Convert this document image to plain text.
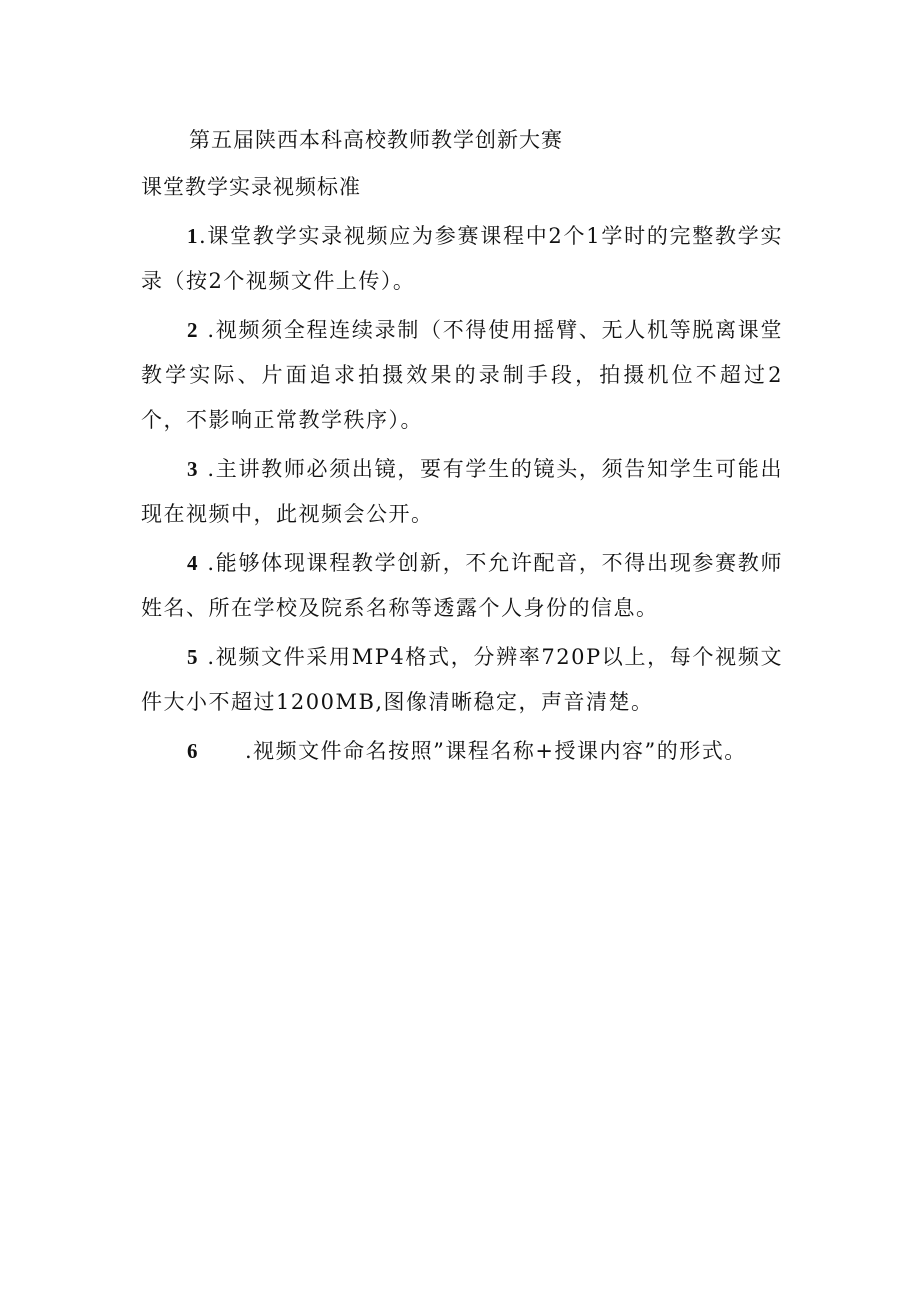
第五届陕西本科高校教师教学创新大赛
课堂教学实录视频标准

1.课堂教学实录视频应为参赛课程中2个1学时的完整教学实录（按2个视频文件上传）。

2 .视频须全程连续录制（不得使用摇臂、无人机等脱离课堂教学实际、片面追求拍摄效果的录制手段，拍摄机位不超过2个，不影响正常教学秩序）。

3 .主讲教师必须出镜，要有学生的镜头，须告知学生可能出现在视频中，此视频会公开。

4 .能够体现课程教学创新，不允许配音，不得出现参赛教师姓名、所在学校及院系名称等透露个人身份的信息。

5 .视频文件采用MP4格式，分辨率720P以上，每个视频文件大小不超过1200MB,图像清晰稳定，声音清楚。

6 .视频文件命名按照”课程名称+授课内容”的形式。
